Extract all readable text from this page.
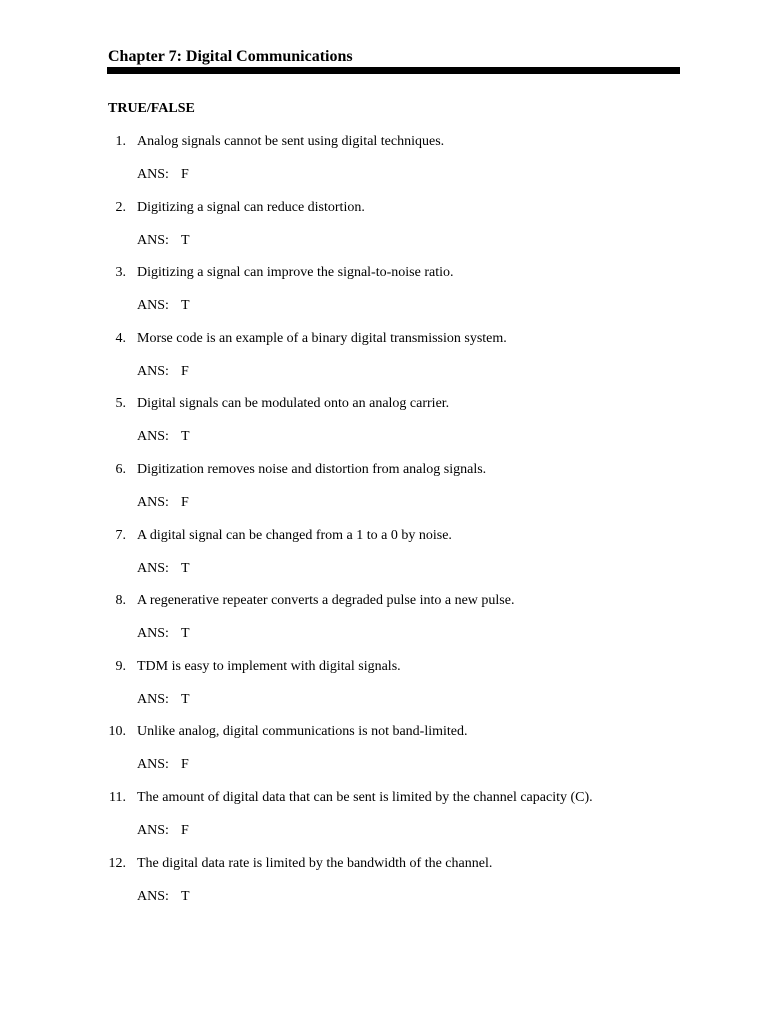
Chapter 7: Digital Communications
TRUE/FALSE
1. Analog signals cannot be sent using digital techniques.
ANS: F
2. Digitizing a signal can reduce distortion.
ANS: T
3. Digitizing a signal can improve the signal-to-noise ratio.
ANS: T
4. Morse code is an example of a binary digital transmission system.
ANS: F
5. Digital signals can be modulated onto an analog carrier.
ANS: T
6. Digitization removes noise and distortion from analog signals.
ANS: F
7. A digital signal can be changed from a 1 to a 0 by noise.
ANS: T
8. A regenerative repeater converts a degraded pulse into a new pulse.
ANS: T
9. TDM is easy to implement with digital signals.
ANS: T
10. Unlike analog, digital communications is not band-limited.
ANS: F
11. The amount of digital data that can be sent is limited by the channel capacity (C).
ANS: F
12. The digital data rate is limited by the bandwidth of the channel.
ANS: T
